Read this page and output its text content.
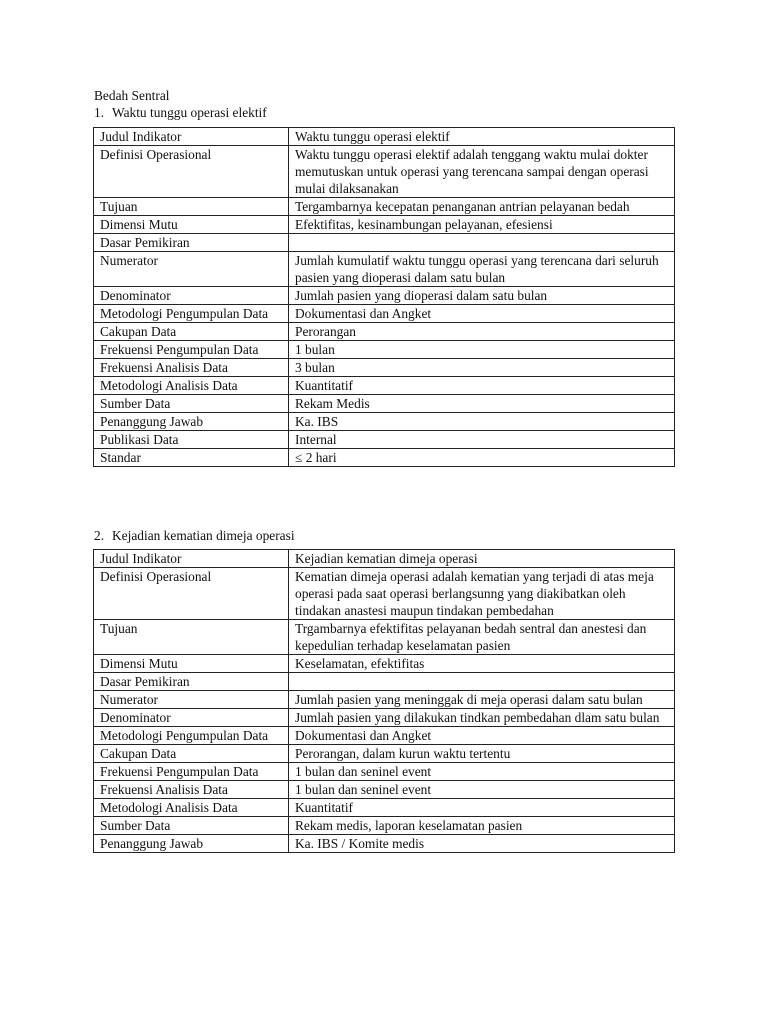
Bedah Sentral
1. Waktu tunggu operasi elektif
Judul Indikator	Waktu tunggu operasi elektif
Definisi Operasional	Waktu tunggu operasi elektif adalah tenggang waktu mulai dokter memutuskan untuk operasi yang terencana sampai dengan operasi mulai dilaksanakan
Tujuan	Tergambarnya kecepatan penanganan antrian pelayanan bedah
Dimensi Mutu	Efektifitas, kesinambungan pelayanan, efesiensi
Dasar Pemikiran	
Numerator	Jumlah kumulatif waktu tunggu operasi yang terencana dari seluruh pasien yang dioperasi dalam satu bulan
Denominator	Jumlah pasien yang dioperasi dalam satu bulan
Metodologi Pengumpulan Data	Dokumentasi dan Angket
Cakupan Data	Perorangan
Frekuensi Pengumpulan Data	1 bulan
Frekuensi Analisis Data	3 bulan
Metodologi Analisis Data	Kuantitatif
Sumber Data	Rekam Medis
Penanggung Jawab	Ka. IBS
Publikasi Data	Internal
Standar	≤ 2 hari
2. Kejadian kematian dimeja operasi
Judul Indikator	Kejadian kematian dimeja operasi
Definisi Operasional	Kematian dimeja operasi adalah kematian yang terjadi di atas meja operasi pada saat operasi berlangsunng yang diakibatkan oleh tindakan anastesi maupun tindakan pembedahan
Tujuan	Trgambarnya efektifitas pelayanan bedah sentral dan anestesi dan kepedulian terhadap keselamatan pasien
Dimensi Mutu	Keselamatan, efektifitas
Dasar Pemikiran	
Numerator	Jumlah pasien yang meninggak di meja operasi dalam satu bulan
Denominator	Jumlah pasien yang dilakukan tindkan pembedahan dlam satu bulan
Metodologi Pengumpulan Data	Dokumentasi dan Angket
Cakupan Data	Perorangan, dalam kurun waktu tertentu
Frekuensi Pengumpulan Data	1 bulan dan seninel event
Frekuensi Analisis Data	1 bulan dan seninel event
Metodologi Analisis Data	Kuantitatif
Sumber Data	Rekam medis, laporan keselamatan pasien
Penanggung Jawab	Ka. IBS / Komite medis
